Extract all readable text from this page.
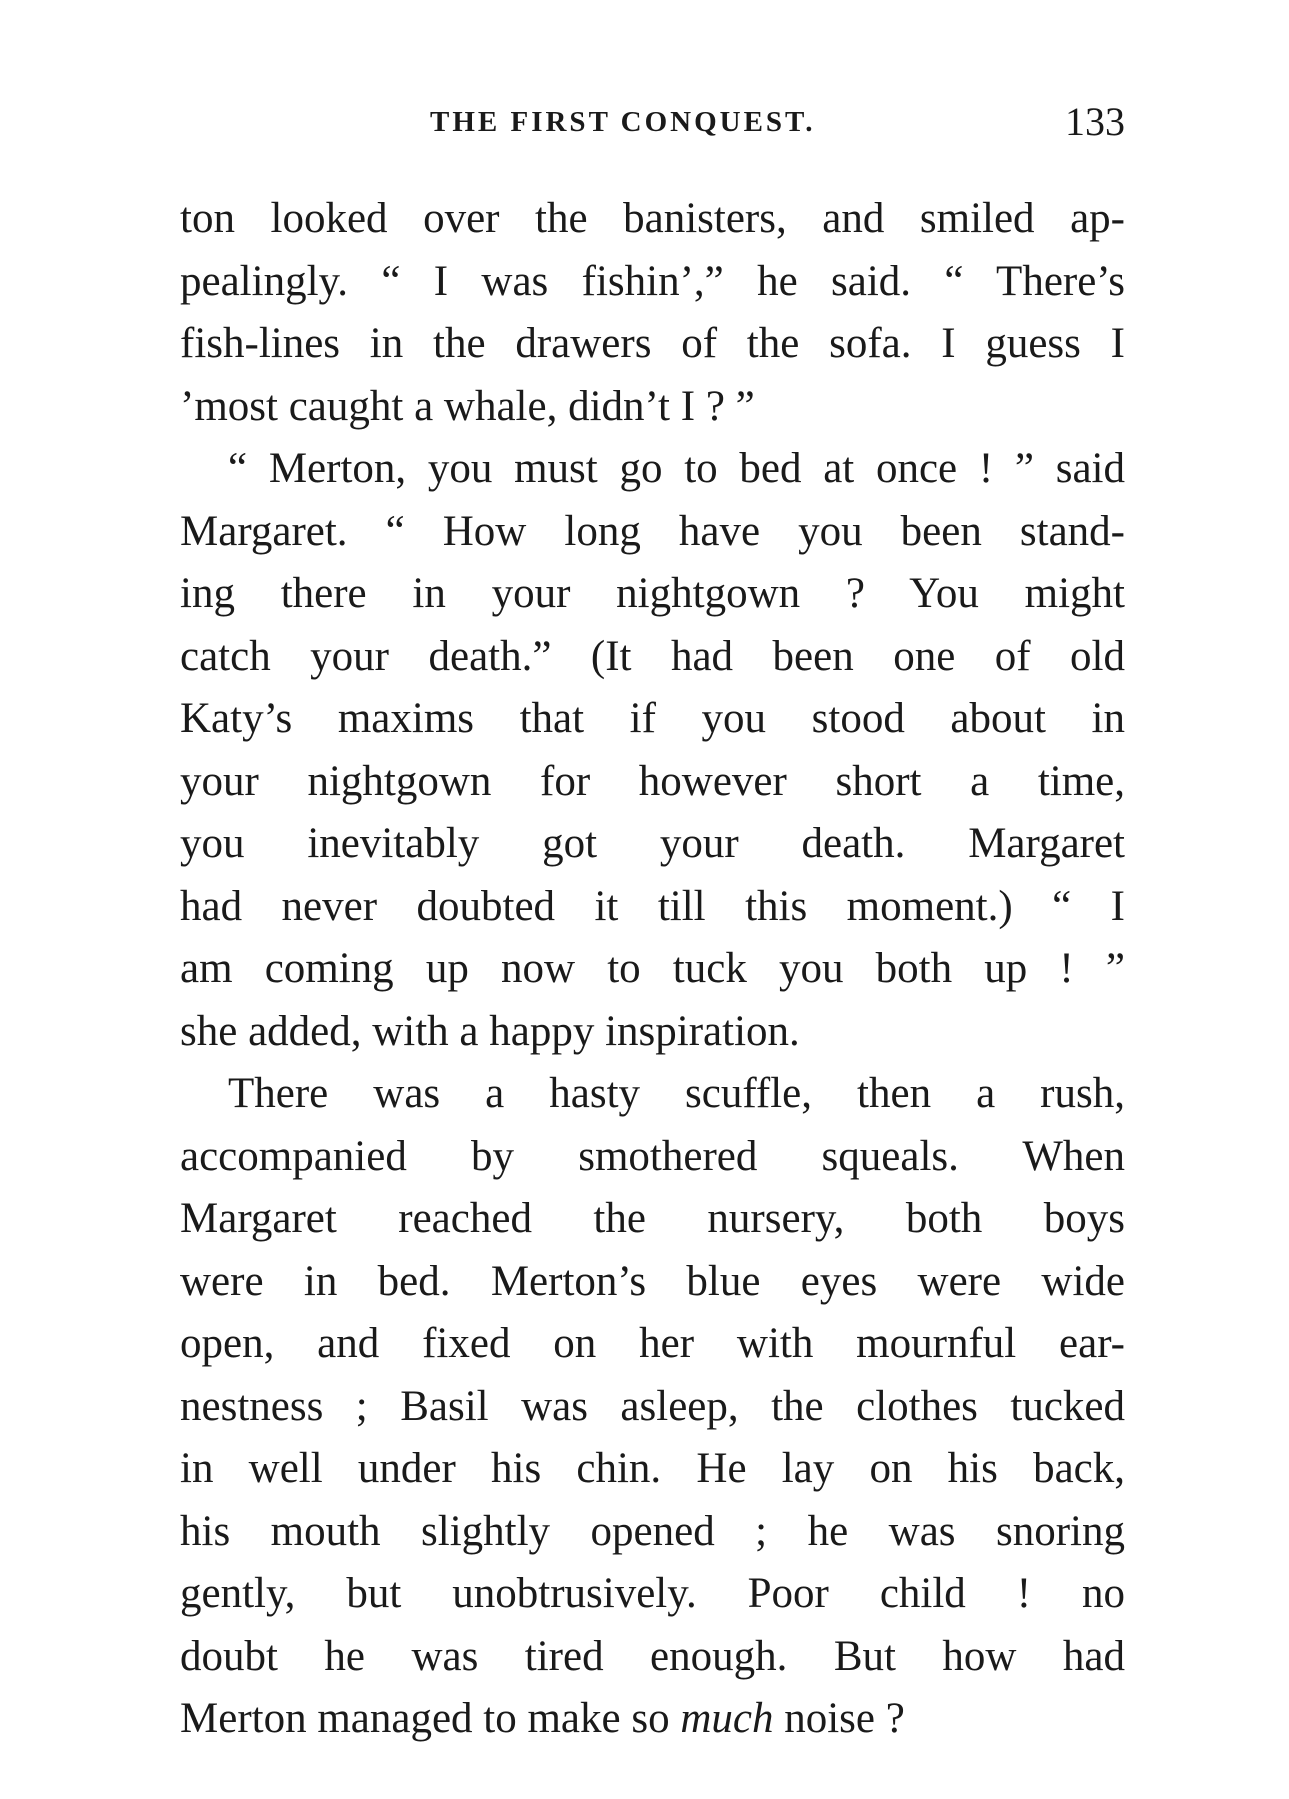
THE FIRST CONQUEST.	133

ton looked over the banisters, and smiled ap-
pealingly. “ I was fishin’,” he said. “ There’s
fish-lines in the drawers of the sofa. I guess I
’most caught a whale, didn’t I ? ”

“ Merton, you must go to bed at once ! ” said
Margaret. “ How long have you been stand-
ing there in your nightgown ? You might
catch your death.” (It had been one of old
Katy’s maxims that if you stood about in
your nightgown for however short a time,
you inevitably got your death. Margaret
had never doubted it till this moment.) “ I
am coming up now to tuck you both up ! ”
she added, with a happy inspiration.

There was a hasty scuffle, then a rush,
accompanied by smothered squeals. When
Margaret reached the nursery, both boys
were in bed. Merton’s blue eyes were wide
open, and fixed on her with mournful ear-
nestness ; Basil was asleep, the clothes tucked
in well under his chin. He lay on his back,
his mouth slightly opened ; he was snoring
gently, but unobtrusively. Poor child ! no
doubt he was tired enough. But how had
Merton managed to make so much noise ?
